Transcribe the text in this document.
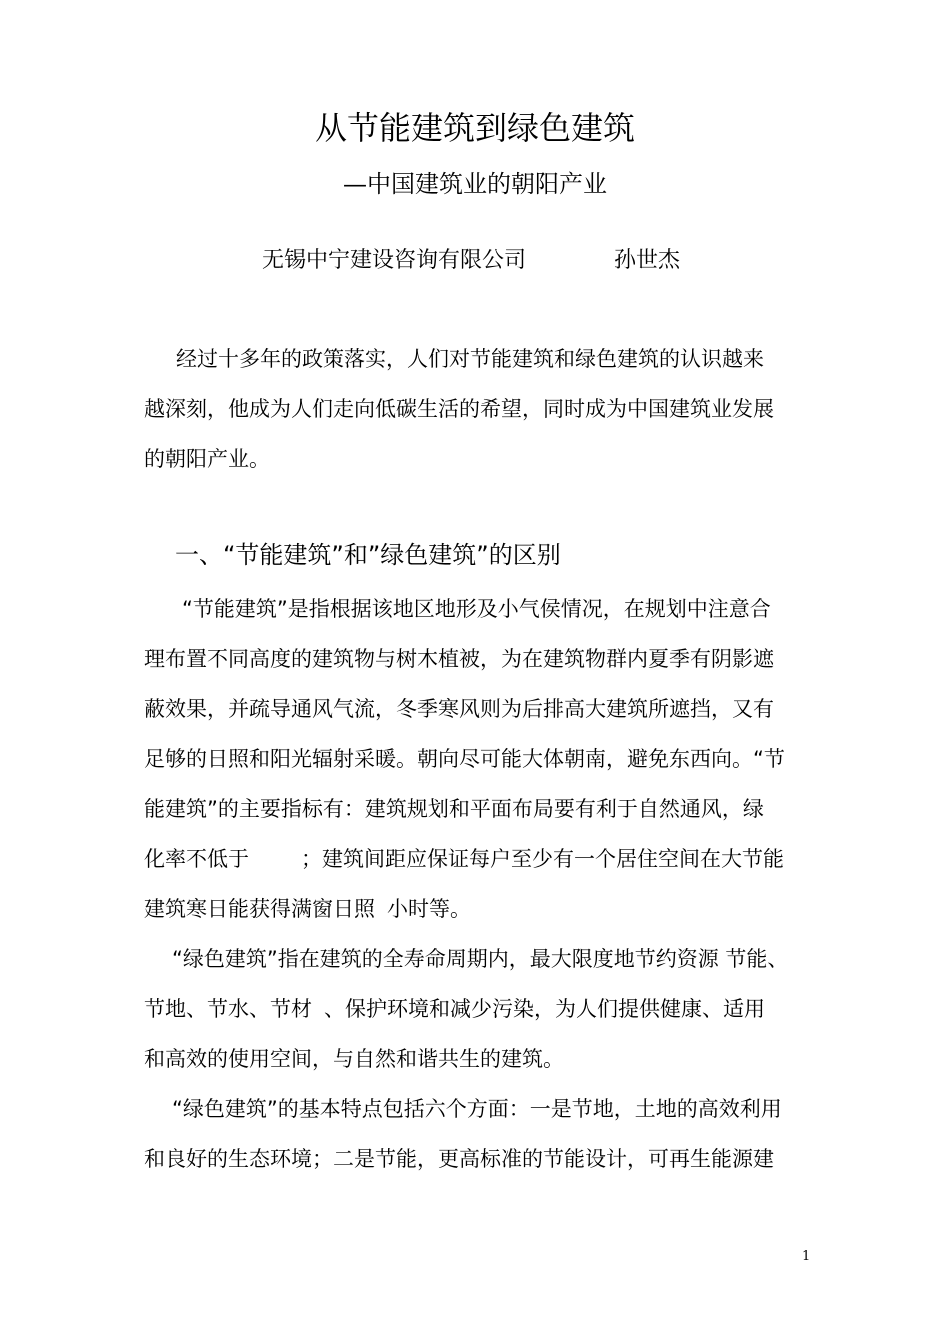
从节能建筑到绿色建筑
—中国建筑业的朝阳产业
无锡中宁建设咨询有限公司	孙世杰
经过十多年的政策落实，人们对节能建筑和绿色建筑的认识越来
越深刻，他成为人们走向低碳生活的希望，同时成为中国建筑业发展
的朝阳产业。
一、“节能建筑”和”绿色建筑”的区别
“节能建筑”是指根据该地区地形及小气侯情况，在规划中注意合
理布置不同高度的建筑物与树木植被，为在建筑物群内夏季有阴影遮
蔽效果，并疏导通风气流，冬季寒风则为后排高大建筑所遮挡，又有
足够的日照和阳光辐射采暖。朝向尽可能大体朝南，避免东西向。“节
能建筑”的主要指标有：建筑规划和平面布局要有利于自然通风，绿
化率不低于 ；建筑间距应保证每户至少有一个居住空间在大节能
建筑寒日能获得满窗日照 小时等。
“绿色建筑”指在建筑的全寿命周期内，最大限度地节约资源 节能、
节地、节水、节材 、保护环境和减少污染，为人们提供健康、适用
和高效的使用空间，与自然和谐共生的建筑。
“绿色建筑”的基本特点包括六个方面：一是节地，土地的高效利用
和良好的生态环境；二是节能，更高标准的节能设计，可再生能源建
1
